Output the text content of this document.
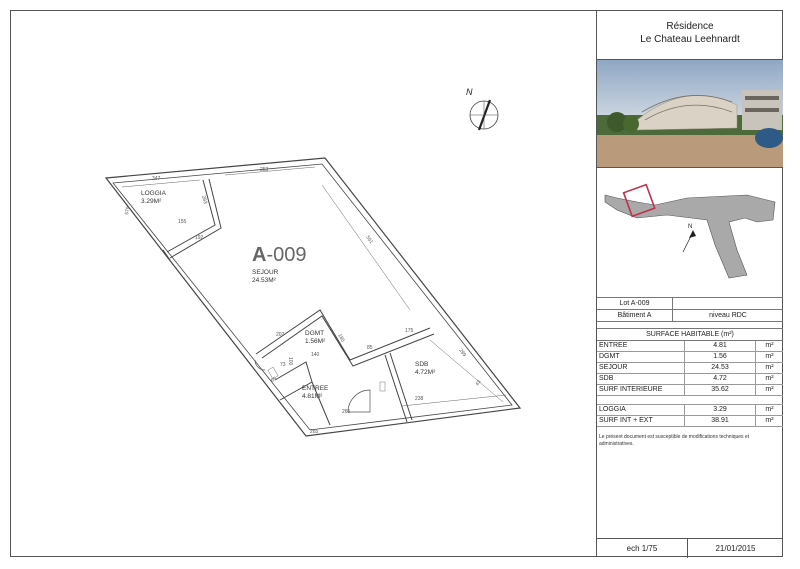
347
283
253
579
155
192	551
175
207	185
85
100
140
73
65
265
238
299
43
265
N
A-009
LOGGIA
3.29M²
SEJOUR
24.53M²
DGMT
1.56M²
SDB
4.72M²
ENTREE
4.81M²
Résidence
Le Chateau Leehnardt
N
Lot A-009
Bâtiment A	niveau RDC
SURFACE HABITABLE (m²)
ENTREE	4.81	m²
DGMT	1.56	m²
SEJOUR	24.53	m²
SDB	4.72	m²
SURF INTERIEURE	35.62	m²
LOGGIA	3.29	m²
SURF INT + EXT	38.91	m²
Le présent document est susceptible de modifications techniques et administratives.
ech 1/75	21/01/2015
